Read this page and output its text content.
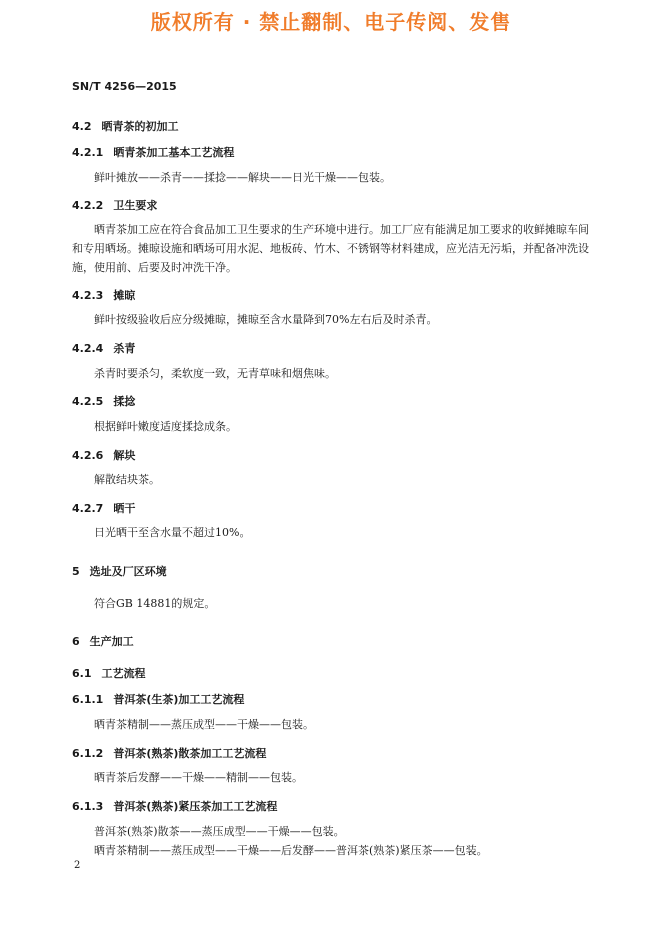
版权所有 · 禁止翻制、电子传阅、发售
SN/T 4256—2015
4.2 晒青茶的初加工
4.2.1 晒青茶加工基本工艺流程
鲜叶摊放——杀青——揉捻——解块——日光干燥——包装。
4.2.2 卫生要求
晒青茶加工应在符合食品加工卫生要求的生产环境中进行。加工厂应有能满足加工要求的收鲜摊晾车间和专用晒场。摊晾设施和晒场可用水泥、地板砖、竹木、不锈钢等材料建成，应光洁无污垢，并配备冲洗设施，使用前、后要及时冲洗干净。
4.2.3 摊晾
鲜叶按级验收后应分级摊晾，摊晾至含水量降到70%左右后及时杀青。
4.2.4 杀青
杀青时要杀匀，柔软度一致，无青草味和烟焦味。
4.2.5 揉捻
根据鲜叶嫩度适度揉捻成条。
4.2.6 解块
解散结块茶。
4.2.7 晒干
日光晒干至含水量不超过10%。
5 选址及厂区环境
符合GB 14881的规定。
6 生产加工
6.1 工艺流程
6.1.1 普洱茶(生茶)加工工艺流程
晒青茶精制——蒸压成型——干燥——包装。
6.1.2 普洱茶(熟茶)散茶加工工艺流程
晒青茶后发酵——干燥——精制——包装。
6.1.3 普洱茶(熟茶)紧压茶加工工艺流程
普洱茶(熟茶)散茶——蒸压成型——干燥——包装。
晒青茶精制——蒸压成型——干燥——后发酵——普洱茶(熟茶)紧压茶——包装。
2
